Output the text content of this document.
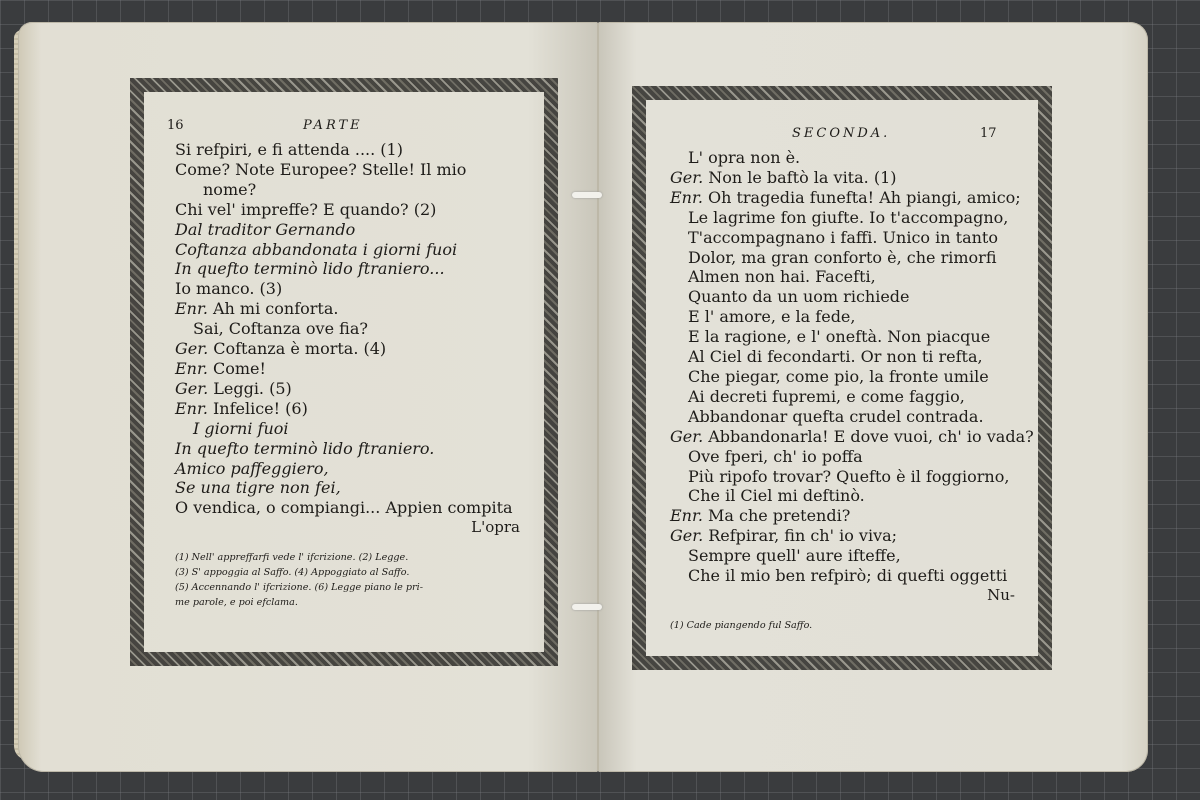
16	PARTE
Si refpiri, e fi attenda .... (1)
Come? Note Europee? Stelle! Il mio
nome?
Chi vel' impreffe? E quando? (2)
Dal traditor Gernando
Coftanza abbandonata i giorni fuoi
In quefto terminò lido ftraniero...
Io manco. (3)
Enr. Ah mi conforta.
Sai, Coftanza ove fia?
Ger. Coftanza è morta. (4)
Enr. Come!
Ger. Leggi. (5)
Enr. Infelice! (6)
I giorni fuoi
In quefto terminò lido ftraniero.
Amico paffeggiero,
Se una tigre non fei,
O vendica, o compiangi... Appien compita
L'opra
(1) Nell' appreffarfi vede l' ifcrizione. (2) Legge.
(3) S' appoggia al Saffo. (4) Appoggiato al Saffo.
(5) Accennando l' ifcrizione. (6) Legge piano le pri-
me parole, e poi efclama.
SECONDA.	17
L' opra non è.
Ger. Non le baftò la vita. (1)
Enr. Oh tragedia funefta! Ah piangi, amico;
Le lagrime fon giufte. Io t'accompagno,
T'accompagnano i faffi. Unico in tanto
Dolor, ma gran conforto è, che rimorfi
Almen non hai. Facefti,
Quanto da un uom richiede
E l' amore, e la fede,
E la ragione, e l' oneftà. Non piacque
Al Ciel di fecondarti. Or non ti refta,
Che piegar, come pio, la fronte umile
Ai decreti fupremi, e come faggio,
Abbandonar quefta crudel contrada.
Ger. Abbandonarla! E dove vuoi, ch' io vada?
Ove fperi, ch' io poffa
Più ripofo trovar? Quefto è il foggiorno,
Che il Ciel mi deftinò.
Enr. Ma che pretendi?
Ger. Refpirar, fin ch' io viva;
Sempre quell' aure ifteffe,
Che il mio ben refpirò; di quefti oggetti
Nu-
(1) Cade piangendo ful Saffo.
